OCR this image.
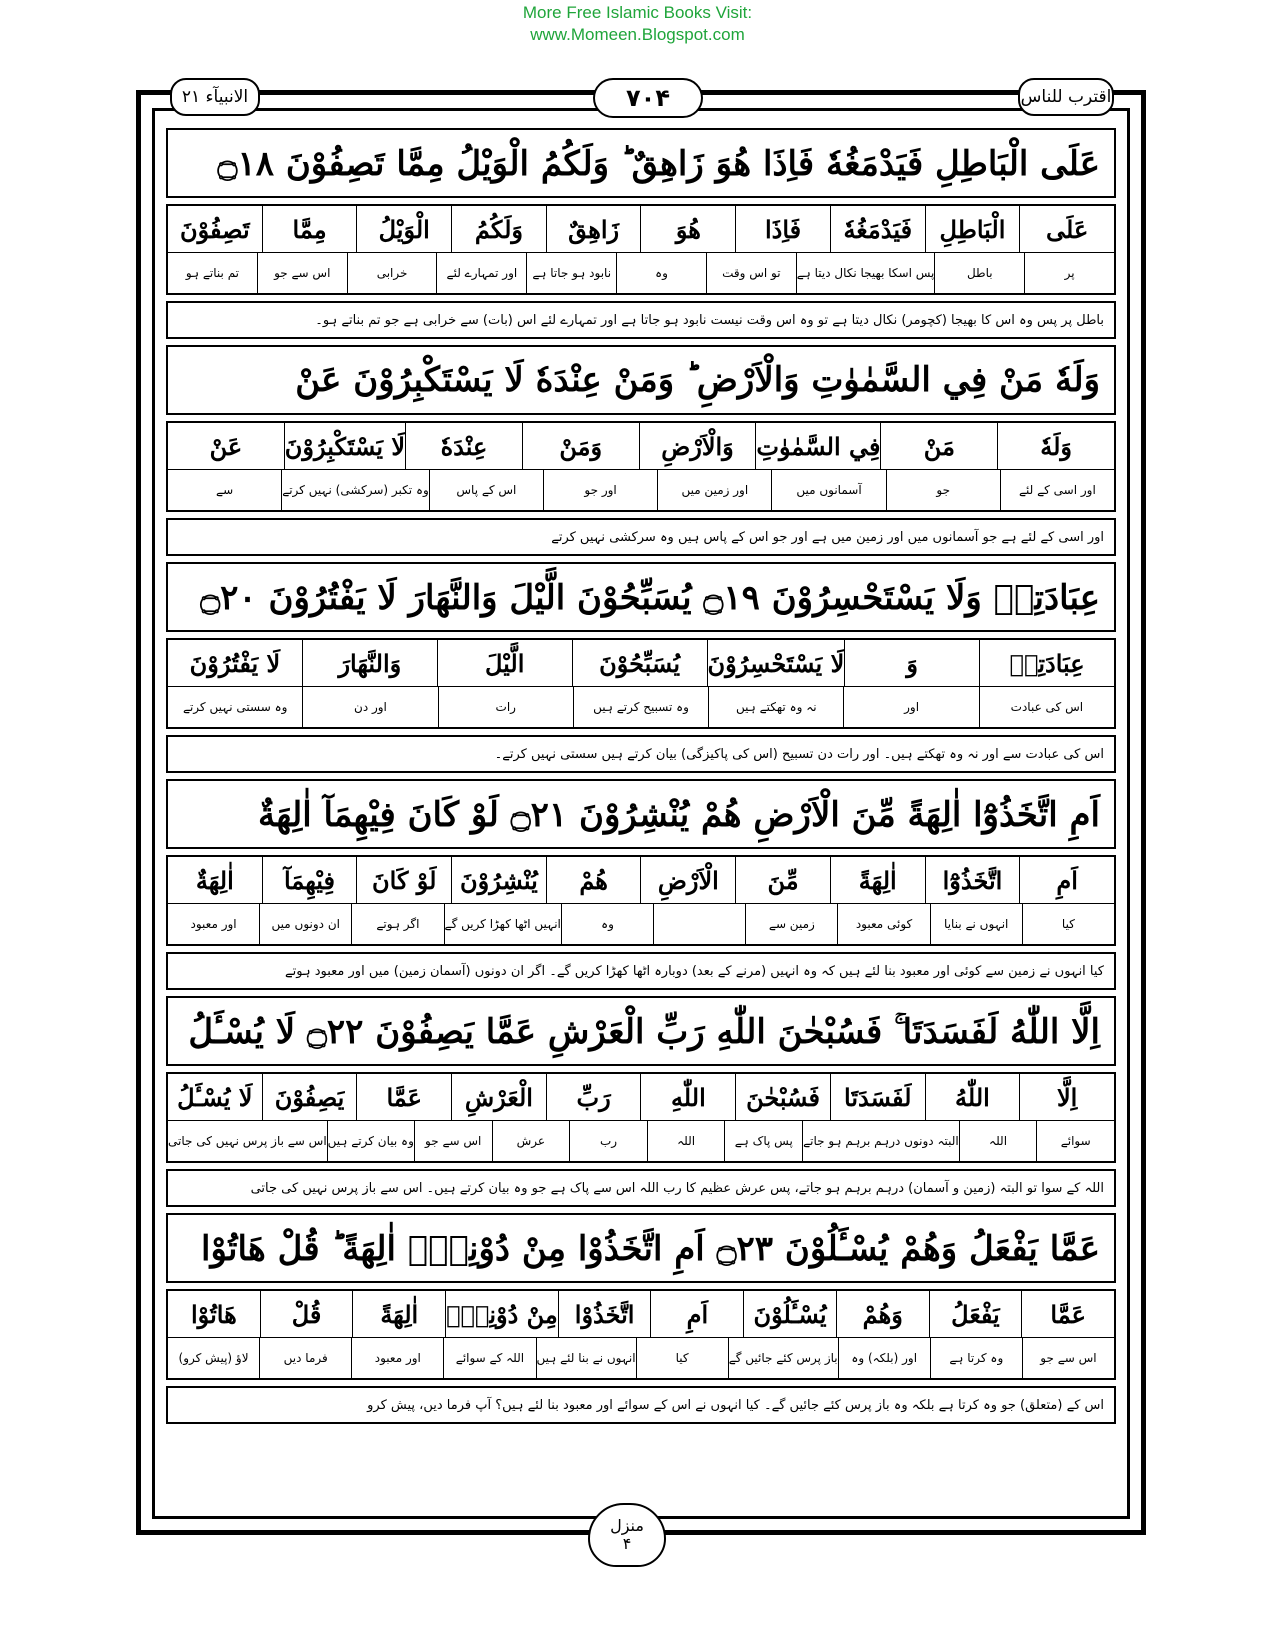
More Free Islamic Books Visit:
www.Momeen.Blogspot.com
الانبیآء ۲۱	۷۰۴	اقترب للناس
عَلَى الْبَاطِلِ فَيَدْمَغُهٗ فَاِذَا هُوَ زَاهِقٌ ؕ وَلَكُمُ الْوَيْلُ مِمَّا تَصِفُوْنَ ۝۱۸
عَلَى
الْبَاطِلِ
فَيَدْمَغُهٗ
فَاِذَا
هُوَ
زَاهِقٌ
وَلَكُمُ
الْوَيْلُ
مِمَّا
تَصِفُوْنَ
پر
باطل
پس اسکا بھیجا نکال دیتا ہے
تو اس وقت
وہ
نابود ہو جاتا ہے
اور تمہارے لئے
خرابی
اس سے جو
تم بناتے ہو
باطل پر پس وہ اس کا بھیجا (کچومر) نکال دیتا ہے تو وہ اس وقت نیست نابود ہو جاتا ہے اور تمہارے لئے اس (بات) سے خرابی ہے جو تم بناتے ہو۔
وَلَهٗ مَنْ فِي السَّمٰوٰتِ وَالْاَرْضِ ؕ وَمَنْ عِنْدَهٗ لَا يَسْتَكْبِرُوْنَ عَنْ
وَلَهٗ
مَنْ
فِي السَّمٰوٰتِ
وَالْاَرْضِ
وَمَنْ
عِنْدَهٗ
لَا يَسْتَكْبِرُوْنَ
عَنْ
اور اسی کے لئے
جو
آسمانوں میں
اور زمین میں
اور جو
اس کے پاس
وہ تکبر (سرکشی) نہیں کرتے
سے
اور اسی کے لئے ہے جو آسمانوں میں اور زمین میں ہے اور جو اس کے پاس ہیں وہ سرکشی نہیں کرتے
عِبَادَتِهٖ وَلَا يَسْتَحْسِرُوْنَ ۝۱۹ يُسَبِّحُوْنَ الَّيْلَ وَالنَّهَارَ لَا يَفْتُرُوْنَ ۝۲۰
عِبَادَتِهٖ
وَ
لَا يَسْتَحْسِرُوْنَ
يُسَبِّحُوْنَ
الَّيْلَ
وَالنَّهَارَ
لَا يَفْتُرُوْنَ
اس کی عبادت
اور
نہ وہ تھکتے ہیں
وہ تسبیح کرتے ہیں
رات
اور دن
وہ سستی نہیں کرتے
اس کی عبادت سے اور نہ وہ تھکتے ہیں۔ اور رات دن تسبیح (اس کی پاکیزگی) بیان کرتے ہیں سستی نہیں کرتے۔
اَمِ اتَّخَذُوْٓا اٰلِهَةً مِّنَ الْاَرْضِ هُمْ يُنْشِرُوْنَ ۝۲۱ لَوْ كَانَ فِيْهِمَآ اٰلِهَةٌ
اَمِ
اتَّخَذُوْٓا
اٰلِهَةً
مِّنَ
الْاَرْضِ
هُمْ
يُنْشِرُوْنَ
لَوْ كَانَ
فِيْهِمَآ
اٰلِهَةٌ
کیا
انہوں نے بنایا
کوئی معبود
زمین سے
وہ
انہیں اٹھا کھڑا کریں گے
اگر ہوتے
ان دونوں میں
اور معبود
کیا انہوں نے زمین سے کوئی اور معبود بنا لئے ہیں کہ وہ انہیں (مرنے کے بعد) دوبارہ اٹھا کھڑا کریں گے۔ اگر ان دونوں (آسمان زمین) میں اور معبود ہوتے
اِلَّا اللّٰهُ لَفَسَدَتَا ۚ فَسُبْحٰنَ اللّٰهِ رَبِّ الْعَرْشِ عَمَّا يَصِفُوْنَ ۝۲۲ لَا يُسْـَٔلُ
اِلَّا
اللّٰهُ
لَفَسَدَتَا
فَسُبْحٰنَ
اللّٰهِ
رَبِّ
الْعَرْشِ
عَمَّا
يَصِفُوْنَ
لَا يُسْـَٔلُ
سوائے
اللہ
البتہ دونوں درہم برہم ہو جاتے
پس پاک ہے
اللہ
رب
عرش
اس سے جو
وہ بیان کرتے ہیں
اس سے باز پرس نہیں کی جاتی
اللہ کے سوا تو البتہ (زمین و آسمان) درہم برہم ہو جاتے، پس عرش عظیم کا رب اللہ اس سے پاک ہے جو وہ بیان کرتے ہیں۔ اس سے باز پرس نہیں کی جاتی
عَمَّا يَفْعَلُ وَهُمْ يُسْـَٔلُوْنَ ۝۲۳ اَمِ اتَّخَذُوْا مِنْ دُوْنِهٖٓ اٰلِهَةً ؕ قُلْ هَاتُوْا
عَمَّا
يَفْعَلُ
وَهُمْ
يُسْـَٔلُوْنَ
اَمِ
اتَّخَذُوْا
مِنْ دُوْنِهٖٓ
اٰلِهَةً
قُلْ
هَاتُوْا
اس سے جو
وہ کرتا ہے
اور (بلکہ) وہ
باز پرس کئے جائیں گے
کیا
انہوں نے بنا لئے ہیں
اللہ کے سوائے
اور معبود
فرما دیں
لاؤ (پیش کرو)
اس کے (متعلق) جو وہ کرتا ہے بلکہ وہ باز پرس کئے جائیں گے۔ کیا انہوں نے اس کے سوائے اور معبود بنا لئے ہیں؟ آپ فرما دیں، پیش کرو
منزل
۴
